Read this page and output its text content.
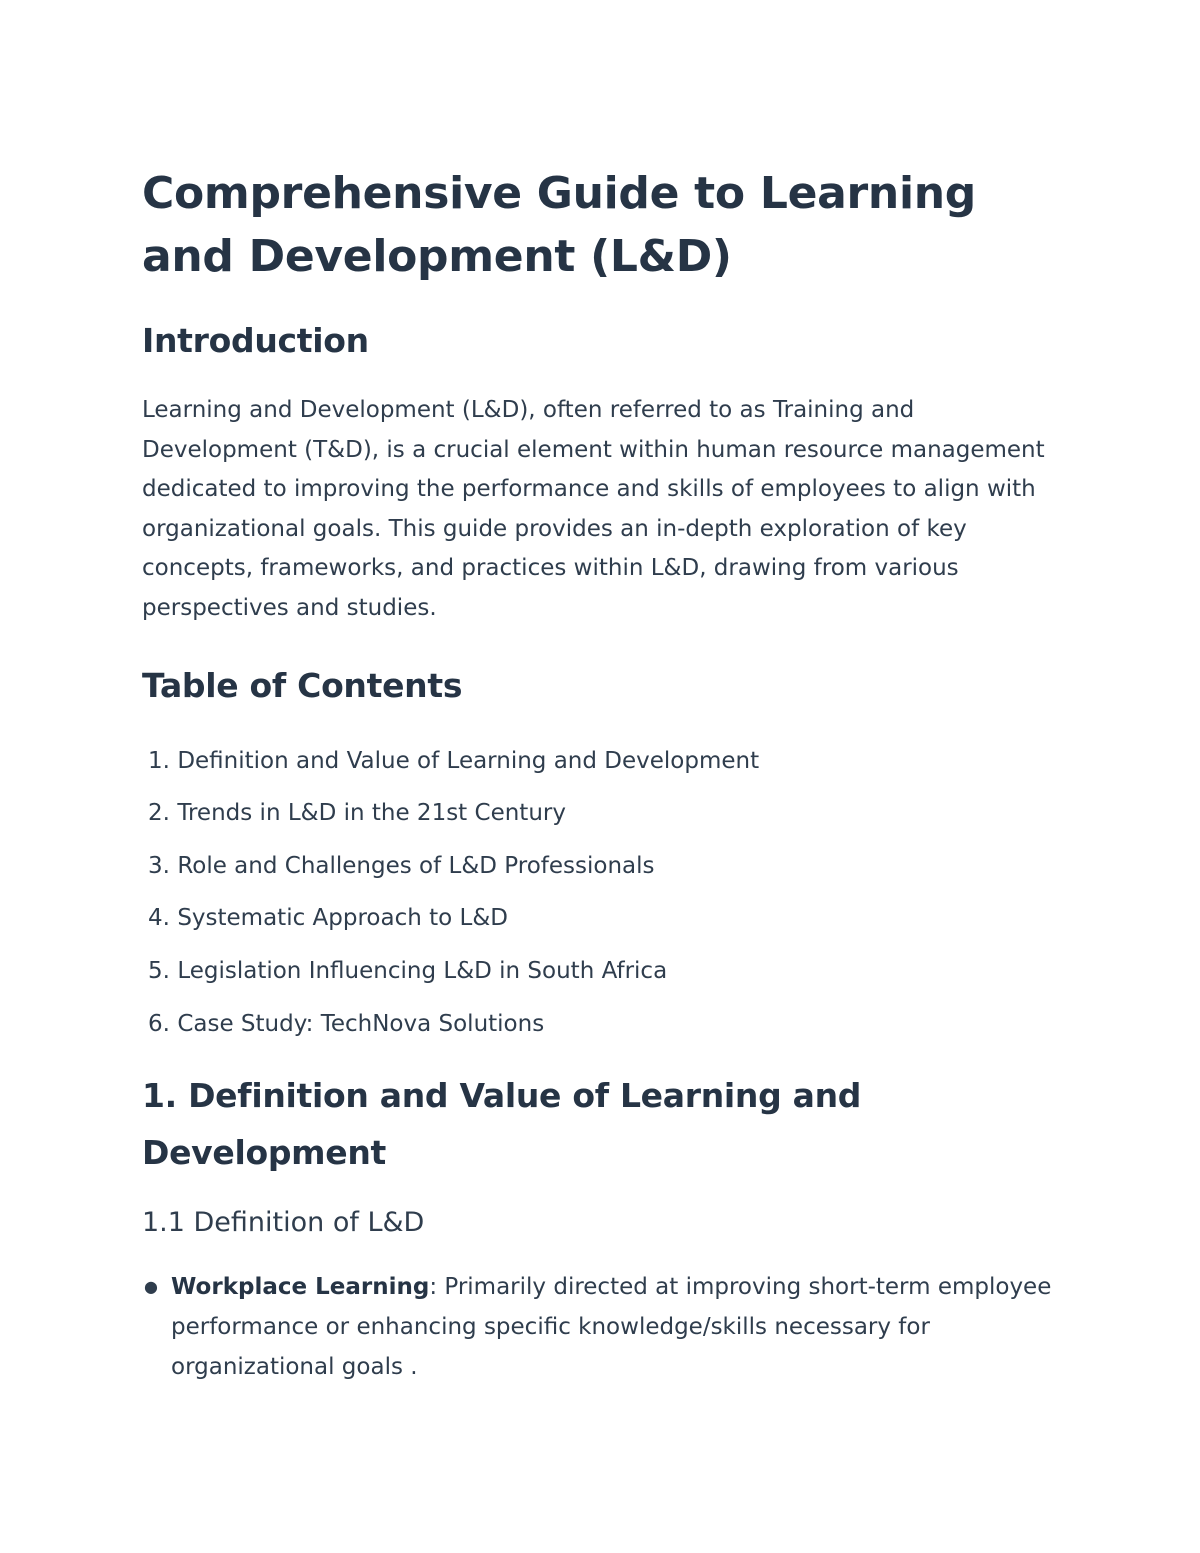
Comprehensive Guide to Learning and Development (L&D)
Introduction

Learning and Development (L&D), often referred to as Training and Development (T&D), is a crucial element within human resource management dedicated to improving the performance and skills of employees to align with organizational goals. This guide provides an in-depth exploration of key concepts, frameworks, and practices within L&D, drawing from various perspectives and studies.

Table of Contents
1. Definition and Value of Learning and Development
2. Trends in L&D in the 21st Century
3. Role and Challenges of L&D Professionals
4. Systematic Approach to L&D
5. Legislation Influencing L&D in South Africa
6. Case Study: TechNova Solutions
1. Definition and Value of Learning and Development
1.1 Definition of L&D
● Workplace Learning: Primarily directed at improving short-term employee performance or enhancing specific knowledge/skills necessary for organizational goals .
